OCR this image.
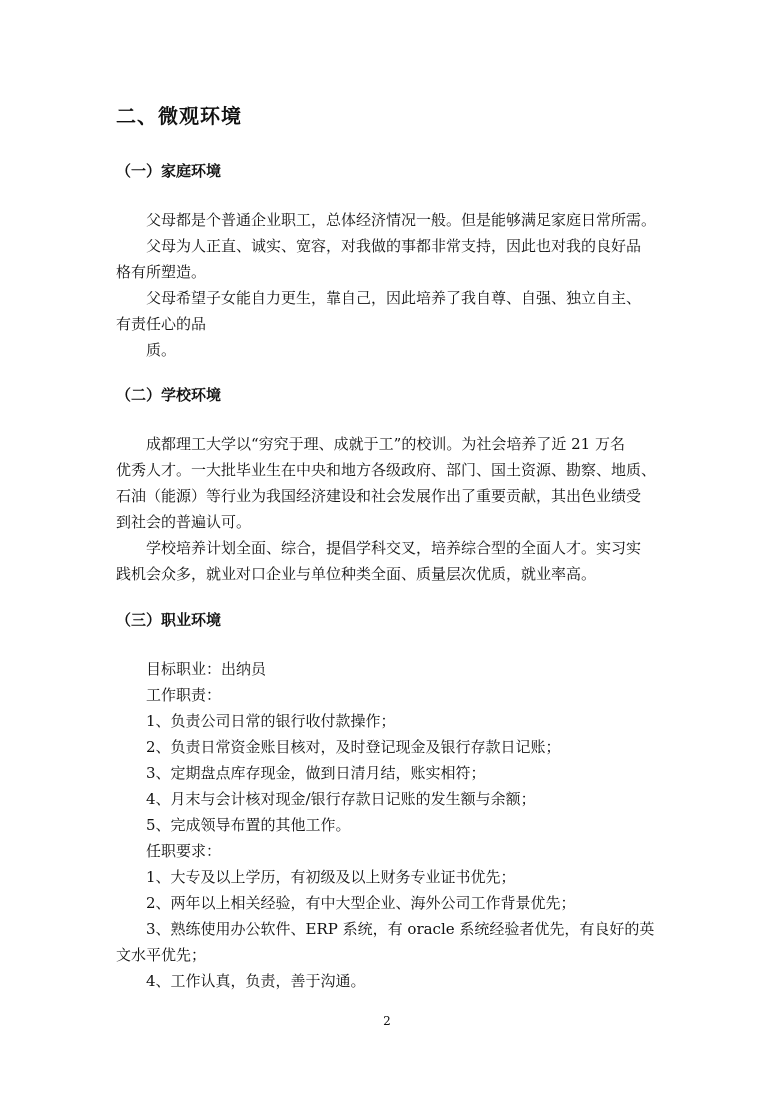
二、微观环境
（一）家庭环境
父母都是个普通企业职工，总体经济情况一般。但是能够满足家庭日常所需。
父母为人正直、诚实、宽容，对我做的事都非常支持，因此也对我的良好品
格有所塑造。
父母希望子女能自力更生，靠自己，因此培养了我自尊、自强、独立自主、
有责任心的品
质。
（二）学校环境
成都理工大学以“穷究于理、成就于工”的校训。为社会培养了近 21 万名
优秀人才。一大批毕业生在中央和地方各级政府、部门、国土资源、勘察、地质、
石油（能源）等行业为我国经济建设和社会发展作出了重要贡献，其出色业绩受
到社会的普遍认可。
学校培养计划全面、综合，提倡学科交叉，培养综合型的全面人才。实习实
践机会众多，就业对口企业与单位种类全面、质量层次优质，就业率高。
（三）职业环境
目标职业：出纳员
工作职责：
1、负责公司日常的银行收付款操作；
2、负责日常资金账目核对，及时登记现金及银行存款日记账；
3、定期盘点库存现金，做到日清月结，账实相符；
4、月末与会计核对现金/银行存款日记账的发生额与余额；
5、完成领导布置的其他工作。
任职要求：
1、大专及以上学历，有初级及以上财务专业证书优先；
2、两年以上相关经验，有中大型企业、海外公司工作背景优先；
3、熟练使用办公软件、ERP 系统，有 oracle 系统经验者优先，有良好的英
文水平优先；
4、工作认真，负责，善于沟通。
2
